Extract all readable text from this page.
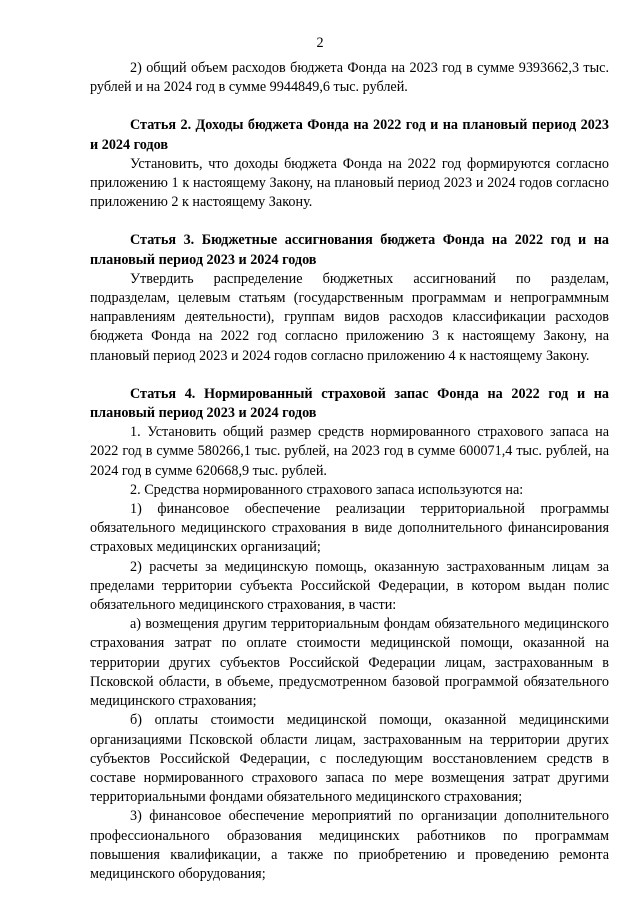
2

2) общий объем расходов бюджета Фонда на 2023 год в сумме 9393662,3 тыс. рублей и на 2024 год в сумме 9944849,6 тыс. рублей.

Статья 2. Доходы бюджета Фонда на 2022 год и на плановый период 2023 и 2024 годов

Установить, что доходы бюджета Фонда на 2022 год формируются согласно приложению 1 к настоящему Закону, на плановый период 2023 и 2024 годов согласно приложению 2 к настоящему Закону.

Статья 3. Бюджетные ассигнования бюджета Фонда на 2022 год и на плановый период 2023 и 2024 годов

Утвердить распределение бюджетных ассигнований по разделам, подразделам, целевым статьям (государственным программам и непрограммным направлениям деятельности), группам видов расходов классификации расходов бюджета Фонда на 2022 год согласно приложению 3 к настоящему Закону, на плановый период 2023 и 2024 годов согласно приложению 4 к настоящему Закону.

Статья 4. Нормированный страховой запас Фонда на 2022 год и на плановый период 2023 и 2024 годов

1. Установить общий размер средств нормированного страхового запаса на 2022 год в сумме 580266,1 тыс. рублей, на 2023 год в сумме 600071,4 тыс. рублей, на 2024 год в сумме 620668,9 тыс. рублей.

2. Средства нормированного страхового запаса используются на:

1) финансовое обеспечение реализации территориальной программы обязательного медицинского страхования в виде дополнительного финансирования страховых медицинских организаций;

2) расчеты за медицинскую помощь, оказанную застрахованным лицам за пределами территории субъекта Российской Федерации, в котором выдан полис обязательного медицинского страхования, в части:

а) возмещения другим территориальным фондам обязательного медицинского страхования затрат по оплате стоимости медицинской помощи, оказанной на территории других субъектов Российской Федерации лицам, застрахованным в Псковской области, в объеме, предусмотренном базовой программой обязательного медицинского страхования;

б) оплаты стоимости медицинской помощи, оказанной медицинскими организациями Псковской области лицам, застрахованным на территории других субъектов Российской Федерации, с последующим восстановлением средств в составе нормированного страхового запаса по мере возмещения затрат другими территориальными фондами обязательного медицинского страхования;

3) финансовое обеспечение мероприятий по организации дополнительного профессионального образования медицинских работников по программам повышения квалификации, а также по приобретению и проведению ремонта медицинского оборудования;
